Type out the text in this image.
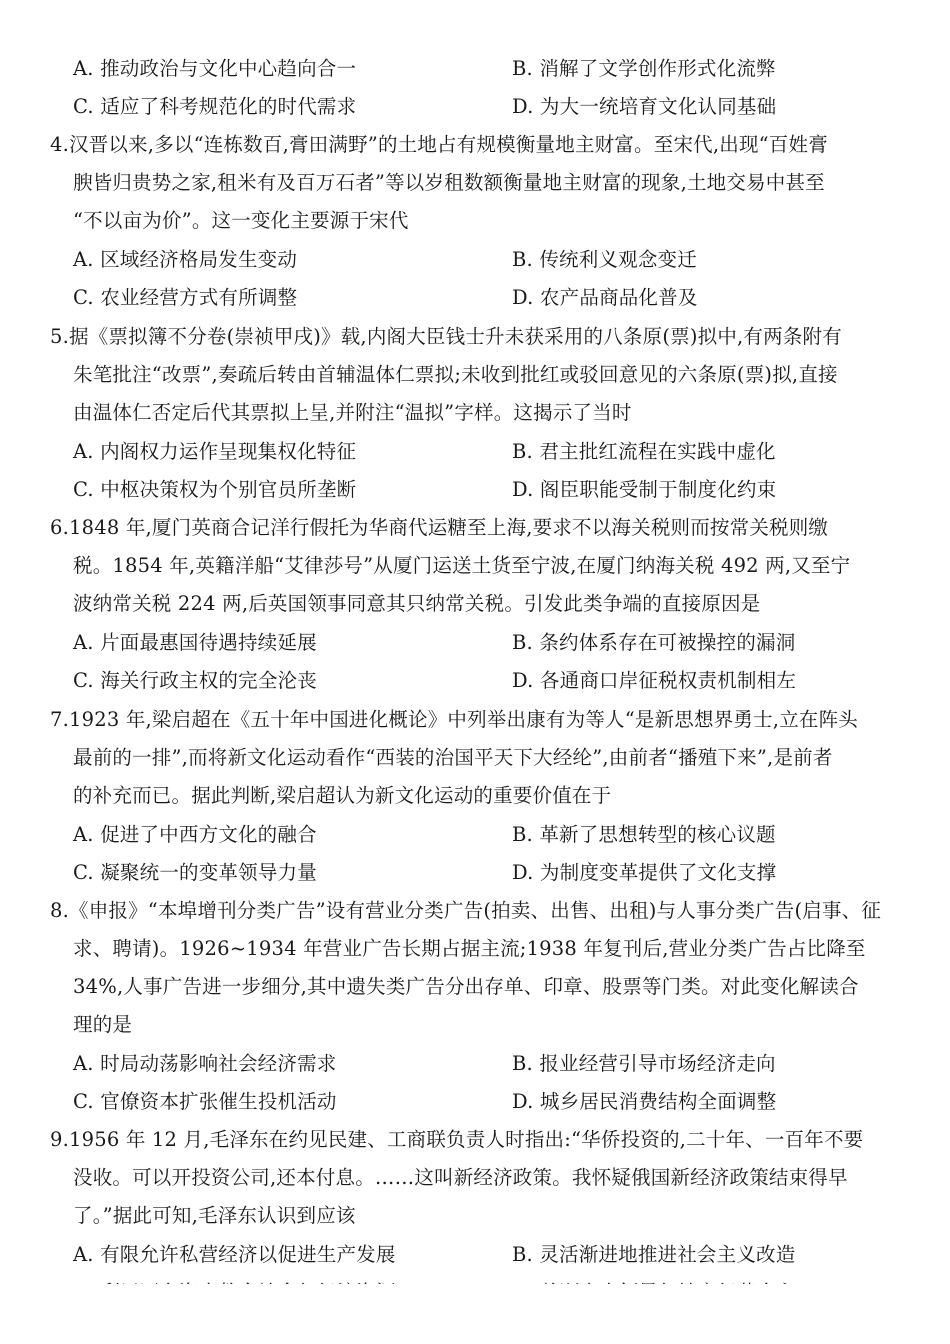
A. 推动政治与文化中心趋向合一	B. 消解了文学创作形式化流弊
C. 适应了科考规范化的时代需求	D. 为大一统培育文化认同基础
4.汉晋以来,多以“连栋数百,膏田满野”的土地占有规模衡量地主财富。至宋代,出现“百姓膏
腴皆归贵势之家,租米有及百万石者”等以岁租数额衡量地主财富的现象,土地交易中甚至
“不以亩为价”。这一变化主要源于宋代
A. 区域经济格局发生变动	B. 传统利义观念变迁
C. 农业经营方式有所调整	D. 农产品商品化普及
5.据《票拟簿不分卷(崇祯甲戌)》载,内阁大臣钱士升未获采用的八条原(票)拟中,有两条附有
朱笔批注“改票”,奏疏后转由首辅温体仁票拟;未收到批红或驳回意见的六条原(票)拟,直接
由温体仁否定后代其票拟上呈,并附注“温拟”字样。这揭示了当时
A. 内阁权力运作呈现集权化特征	B. 君主批红流程在实践中虚化
C. 中枢决策权为个别官员所垄断	D. 阁臣职能受制于制度化约束
6.1848 年,厦门英商合记洋行假托为华商代运糖至上海,要求不以海关税则而按常关税则缴
税。1854 年,英籍洋船“艾律莎号”从厦门运送土货至宁波,在厦门纳海关税 492 两,又至宁
波纳常关税 224 两,后英国领事同意其只纳常关税。引发此类争端的直接原因是
A. 片面最惠国待遇持续延展	B. 条约体系存在可被操控的漏洞
C. 海关行政主权的完全沦丧	D. 各通商口岸征税权责机制相左
7.1923 年,梁启超在《五十年中国进化概论》中列举出康有为等人“是新思想界勇士,立在阵头
最前的一排”,而将新文化运动看作“西装的治国平天下大经纶”,由前者“播殖下来”,是前者
的补充而已。据此判断,梁启超认为新文化运动的重要价值在于
A. 促进了中西方文化的融合	B. 革新了思想转型的核心议题
C. 凝聚统一的变革领导力量	D. 为制度变革提供了文化支撑
8.《申报》“本埠增刊分类广告”设有营业分类广告(拍卖、出售、出租)与人事分类广告(启事、征
求、聘请)。1926~1934 年营业广告长期占据主流;1938 年复刊后,营业分类广告占比降至
34%,人事广告进一步细分,其中遗失类广告分出存单、印章、股票等门类。对此变化解读合
理的是
A. 时局动荡影响社会经济需求	B. 报业经营引导市场经济走向
C. 官僚资本扩张催生投机活动	D. 城乡居民消费结构全面调整
9.1956 年 12 月,毛泽东在约见民建、工商联负责人时指出:“华侨投资的,二十年、一百年不要
没收。可以开投资公司,还本付息。……这叫新经济政策。我怀疑俄国新经济政策结束得早
了。”据此可知,毛泽东认识到应该
A. 有限允许私营经济以促进生产发展	B. 灵活渐进地推进社会主义改造
